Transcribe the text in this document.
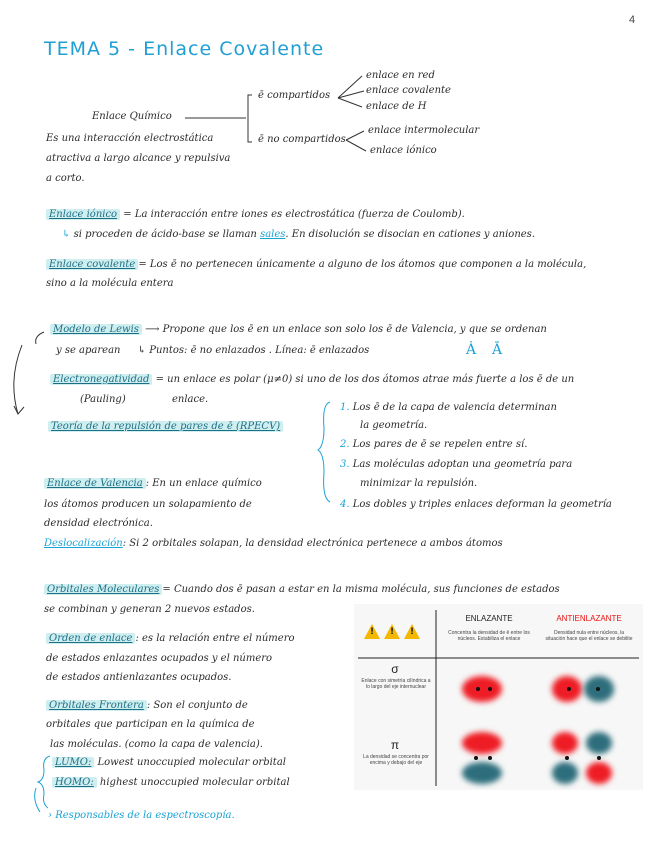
4
TEMA 5 - Enlace Covalente
Enlace Químico
ē compartidos
ē no compartidos
enlace en red
enlace covalente
enlace de H
enlace intermolecular
enlace iónico
Es una interacción electrostática
atractiva a largo alcance y repulsiva
a corto.
Enlace iónico = La interacción entre iones es electrostática (fuerza de Coulomb).
↳ si proceden de ácido-base se llaman sales. En disolución se disocian en cationes y aniones.
Enlace covalente = Los ē no pertenecen únicamente a alguno de los átomos que componen a la molécula,
sino a la molécula entera
Modelo de Lewis ⟶ Propone que los ē en un enlace son solo los ē de Valencia, y que se ordenan
y se aparean ↳ Puntos: ē no enlazados . Línea: ē enlazados	Ȧ Ā
Electronegatividad = un enlace es polar (μ≠0) si uno de los dos átomos atrae más fuerte a los ē de un
(Pauling)	enlace.
Teoría de la repulsión de pares de ē (RPECV)
1. Los ē de la capa de valencia determinan
la geometría.
2. Los pares de ē se repelen entre sí.
3. Las moléculas adoptan una geometría para
minimizar la repulsión.
4. Los dobles y triples enlaces deforman la geometría
Enlace de Valencia : En un enlace químico
los átomos producen un solapamiento de
densidad electrónica.
Deslocalización: Si 2 orbitales solapan, la densidad electrónica pertenece a ambos átomos
Orbitales Moleculares = Cuando dos ē pasan a estar en la misma molécula, sus funciones de estados
se combinan y generan 2 nuevos estados.
Orden de enlace : es la relación entre el número
de estados enlazantes ocupados y el número
de estados antienlazantes ocupados.
Orbitales Frontera : Son el conjunto de
orbitales que participan en la química de
las moléculas. (como la capa de valencia).
LUMO: Lowest unoccupied molecular orbital
HOMO: highest unoccupied molecular orbital
› Responsables de la espectroscopía.
! ! !
ENLAZANTE	ANTIENLAZANTE
Concentra la densidad de ē entre los núcleos. Estabiliza el enlace
Densidad nula entre núcleos, la situación hace que el enlace se debilite
σ
Enlace con simetría cilíndrica a lo largo del eje internuclear
π
La densidad se concentra por encima y debajo del eje
